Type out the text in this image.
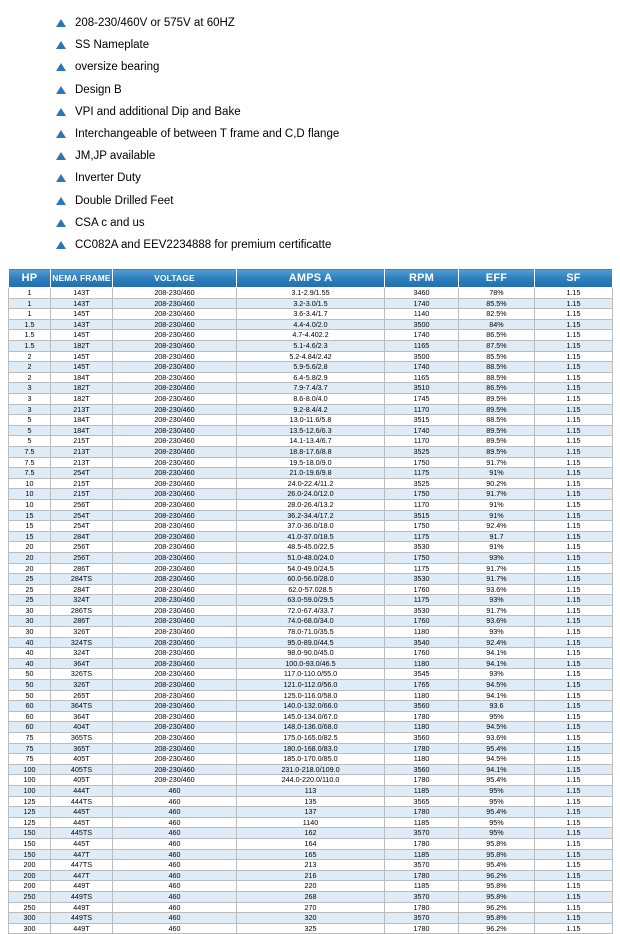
208-230/460V or 575V at 60HZ
SS Nameplate
oversize bearing
Design B
VPI and additional Dip and Bake
Interchangeable of between T frame and C,D flange
JM,JP available
Inverter Duty
Double Drilled Feet
CSA c and us
CC082A and EEV2234888 for premium certificatte
HP	NEMA FRAME	VOLTAGE	AMPS A	RPM	EFF	SF
1	143T	208-230/460	3.1-2.9/1.55	3460	78%	1.15
1	143T	208-230/460	3.2-3.0/1.5	1740	85.5%	1.15
1	145T	208-230/460	3.6-3.4/1.7	1140	82.5%	1.15
1.5	143T	208-230/460	4.4-4.0/2.0	3500	84%	1.15
1.5	145T	208-230/460	4.7-4.402.2	1740	86.5%	1.15
1.5	182T	208-230/460	5.1-4.6/2.3	1165	87.5%	1.15
2	145T	208-230/460	5.2-4.84/2.42	3500	85.5%	1.15
2	145T	208-230/460	5.9-5.6/2.8	1740	88.5%	1.15
2	184T	208-230/460	6.4-5.8/2.9	1165	88.5%	1.15
3	182T	208-230/460	7.9-7.4/3.7	3510	86.5%	1.15
3	182T	208-230/460	8.6-8.0/4.0	1745	89.5%	1.15
3	213T	208-230/460	9.2-8.4/4.2	1170	89.5%	1.15
5	184T	208-230/460	13.0-11.6/5.8	3515	88.5%	1.15
5	184T	208-230/460	13.5-12.6/6.3	1740	89.5%	1.15
5	215T	208-230/460	14.1-13.4/6.7	1170	89.5%	1.15
7.5	213T	208-230/460	18.8-17.6/8.8	3525	89.5%	1.15
7.5	213T	208-230/460	19.5-18.0/9.0	1750	91.7%	1.15
7.5	254T	208-230/460	21.0-19.6/9.8	1175	91%	1.15
10	215T	208-230/460	24.0-22.4/11.2	3525	90.2%	1.15
10	215T	208-230/460	26.0-24.0/12.0	1750	91.7%	1.15
10	256T	208-230/460	28.0-26.4/13.2	1170	91%	1.15
15	254T	208-230/460	36.2-34.4/17.2	3515	91%	1.15
15	254T	208-230/460	37.0-36.0/18.0	1750	92.4%	1.15
15	284T	208-230/460	41.0-37.0/18.5	1175	91.7	1.15
20	256T	208-230/460	48.5-45.0/22.5	3530	91%	1.15
20	256T	208-230/460	51.0-48.0/24.0	1750	93%	1.15
20	286T	208-230/460	54.0-49.0/24.5	1175	91.7%	1.15
25	284TS	208-230/460	60.0-56.0/28.0	3530	91.7%	1.15
25	284T	208-230/460	62.0-57.028.5	1760	93.6%	1.15
25	324T	208-230/460	63.0-59.0/29.5	1175	93%	1.15
30	286TS	208-230/460	72.0-67.4/33.7	3530	91.7%	1.15
30	286T	208-230/460	74.0-68.0/34.0	1760	93.6%	1.15
30	326T	208-230/460	78.0-71.0/35.5	1180	93%	1.15
40	324TS	208-230/460	95.0-89.0/44.5	3540	92.4%	1.15
40	324T	208-230/460	98.0-90.0/45.0	1760	94.1%	1.15
40	364T	208-230/460	100.0-93.0/46.5	1180	94.1%	1.15
50	326TS	208-230/460	117.0-110.0/55.0	3545	93%	1.15
50	326T	208-230/460	121.0-112.0/56.0	1765	94.5%	1.15
50	265T	208-230/460	125.0-116.0/58.0	1180	94.1%	1.15
60	364TS	208-230/460	140.0-132.0/66.0	3560	93.6	1.15
60	364T	208-230/460	145.0-134.0/67.0	1780	95%	1.15
60	404T	208-230/460	148.0-136.0/68.0	1180	94.5%	1.15
75	365TS	208-230/460	175.0-165.0/82.5	3560	93.6%	1.15
75	365T	208-230/460	180.0-168.0/83.0	1780	95.4%	1.15
75	405T	208-230/460	185.0-170.0/85.0	1180	94.5%	1.15
100	405TS	208-230/460	231.0-218.0/109.0	3560	94.1%	1.15
100	405T	208-230/460	244.0-220.0/110.0	1780	95.4%	1.15
100	444T	460	113	1185	95%	1.15
125	444TS	460	135	3565	95%	1.15
125	445T	460	137	1780	95.4%	1.15
125	445T	460	1140	1185	95%	1.15
150	445TS	460	162	3570	95%	1.15
150	445T	460	164	1780	95.8%	1.15
150	447T	460	165	1185	95.8%	1.15
200	447TS	460	213	3570	95.4%	1.15
200	447T	460	216	1780	96.2%	1.15
200	449T	460	220	1185	95.8%	1.15
250	449TS	460	268	3570	95.8%	1.15
250	449T	460	270	1780	96.2%	1.15
300	449TS	460	320	3570	95.8%	1.15
300	449T	460	325	1780	96.2%	1.15
